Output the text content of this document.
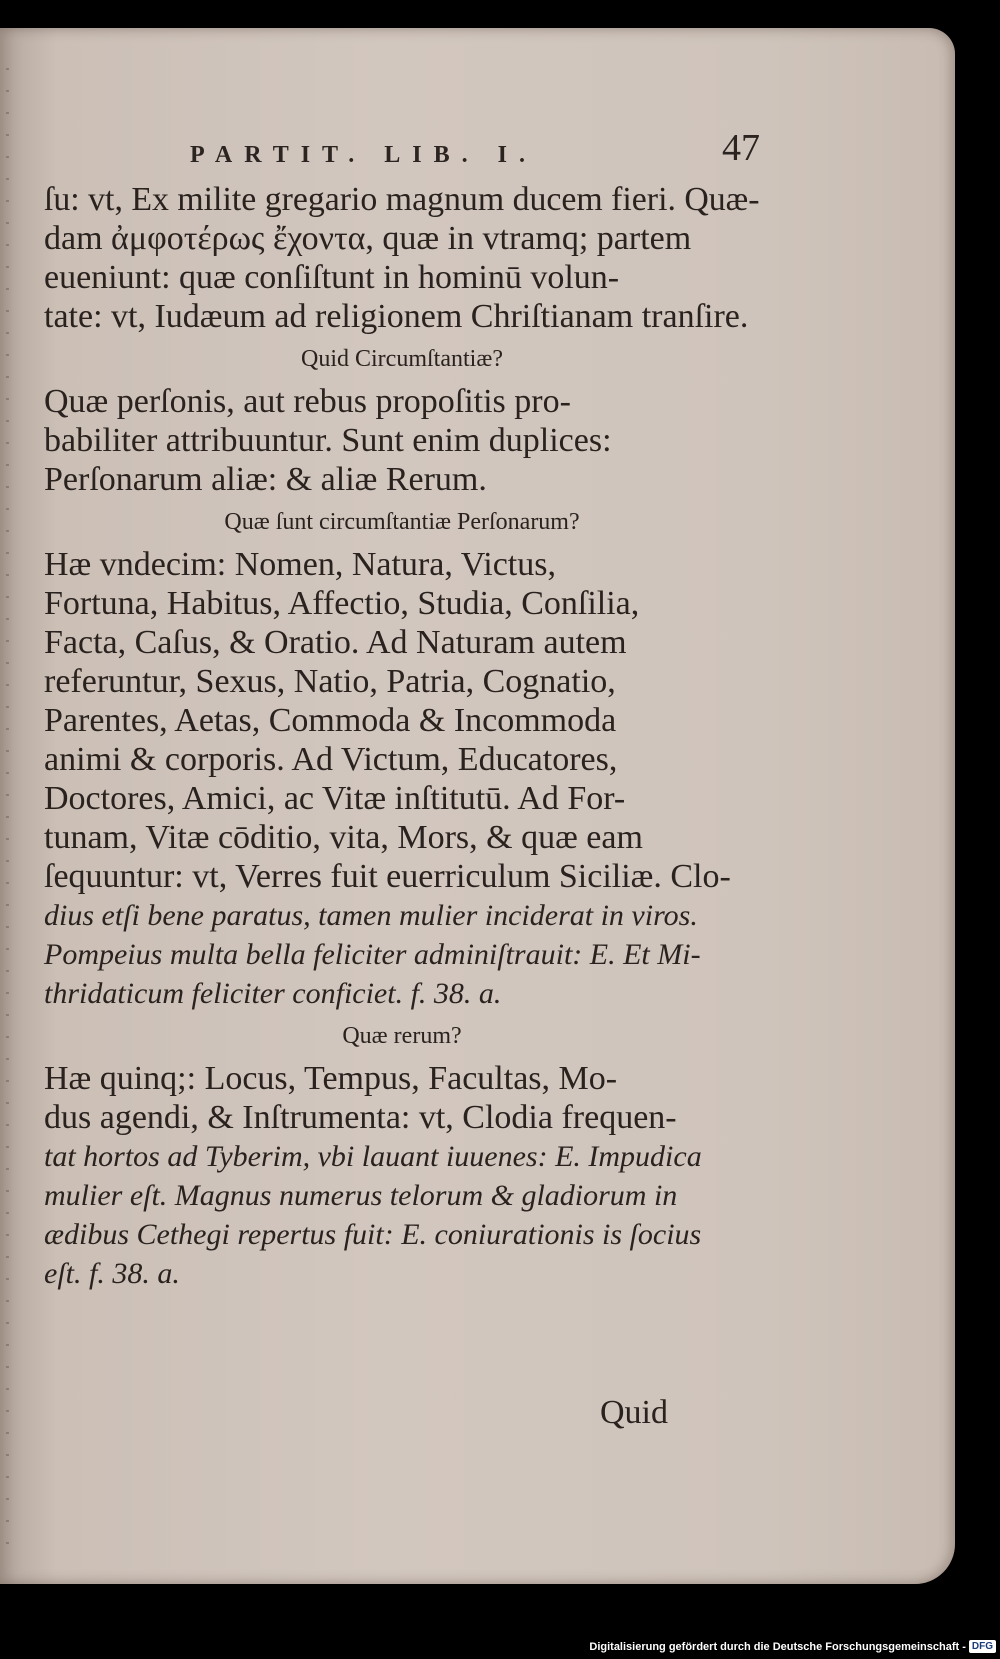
PARTIT. LIB. I.	47
ſu: vt, Ex milite gregario magnum ducem fieri. Quæ-
dam ἀμφοτέρως ἔχοντα, quæ in vtramq; partem
eueniunt: quæ conſiſtunt in hominū volun-
tate: vt, Iudæum ad religionem Chriſtianam tranſire.
Quid Circumſtantiæ?
Quæ perſonis, aut rebus propoſitis pro-
babiliter attribuuntur. Sunt enim duplices:
Perſonarum aliæ: & aliæ Rerum.
Quæ ſunt circumſtantiæ Perſonarum?
Hæ vndecim: Nomen, Natura, Victus,
Fortuna, Habitus, Affectio, Studia, Conſilia,
Facta, Caſus, & Oratio. Ad Naturam autem
referuntur, Sexus, Natio, Patria, Cognatio,
Parentes, Aetas, Commoda & Incommoda
animi & corporis. Ad Victum, Educatores,
Doctores, Amici, ac Vitæ inſtitutū. Ad For-
tunam, Vitæ cōditio, vita, Mors, & quæ eam
ſequuntur: vt, Verres fuit euerriculum Siciliæ. Clo-
dius etſi bene paratus, tamen mulier inciderat in viros.
Pompeius multa bella feliciter adminiſtrauit: E. Et Mi-
thridaticum feliciter conficiet. f. 38. a.
Quæ rerum?
Hæ quinq;: Locus, Tempus, Facultas, Mo-
dus agendi, & Inſtrumenta: vt, Clodia frequen-
tat hortos ad Tyberim, vbi lauant iuuenes: E. Impudica
mulier eſt. Magnus numerus telorum & gladiorum in
ædibus Cethegi repertus fuit: E. coniurationis is ſocius
eſt. f. 38. a.
Quid
Digitalisierung gefördert durch die Deutsche Forschungsgemeinschaft - DFG
